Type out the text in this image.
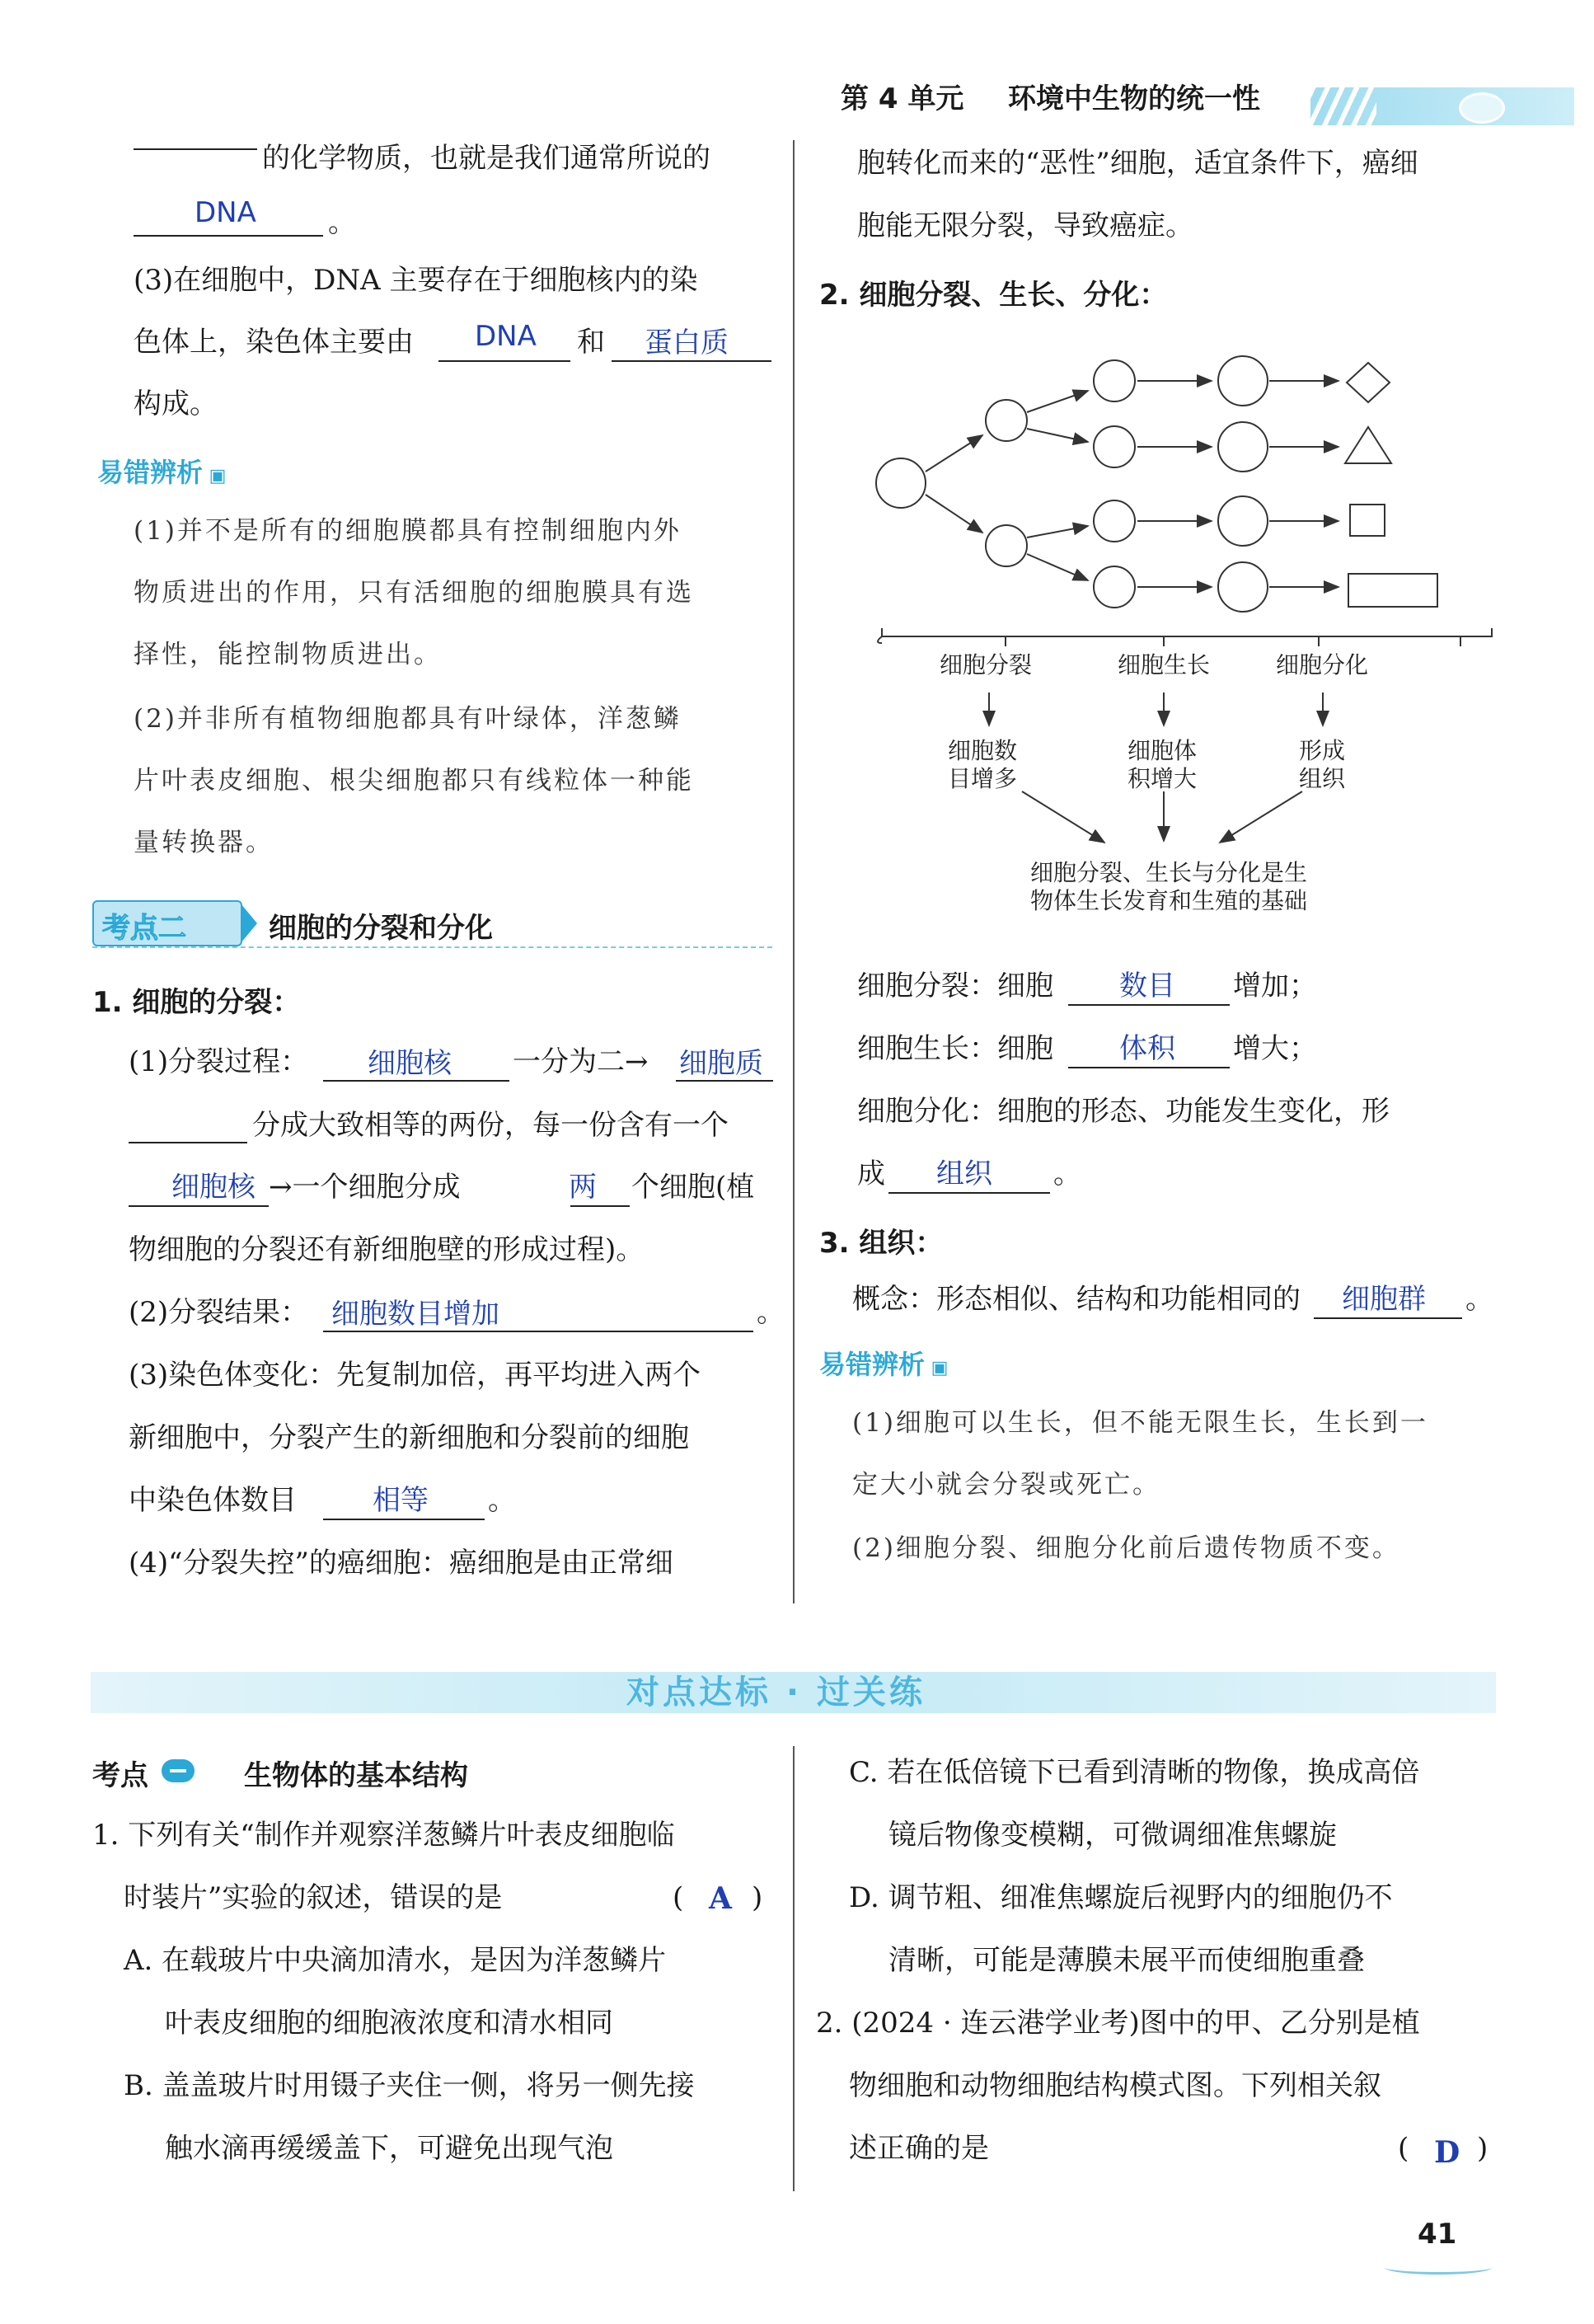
第 4 单元 环境中生物的统一性
的化学物质，也就是我们通常所说的
DNA	。
(3)在细胞中，DNA 主要存在于细胞核内的染
色体上，染色体主要由 DNA 和 蛋白质
构成。
易错辨析 ▣
(1)并不是所有的细胞膜都具有控制细胞内外
物质进出的作用，只有活细胞的细胞膜具有选
择性，能控制物质进出。
(2)并非所有植物细胞都具有叶绿体，洋葱鳞
片叶表皮细胞、根尖细胞都只有线粒体一种能
量转换器。
考点二	细胞的分裂和分化
1. 细胞的分裂：
(1)分裂过程： 细胞核 一分为二→ 细胞质
分成大致相等的两份，每一份含有一个
细胞核 →一个细胞分成	两 个细胞(植
物细胞的分裂还有新细胞壁的形成过程)。
(2)分裂结果： 细胞数目增加	。
(3)染色体变化：先复制加倍，再平均进入两个
新细胞中，分裂产生的新细胞和分裂前的细胞
中染色体数目	相等 。
(4)“分裂失控”的癌细胞：癌细胞是由正常细
胞转化而来的“恶性”细胞，适宜条件下，癌细
胞能无限分裂，导致癌症。
2. 细胞分裂、生长、分化：
细胞分裂	细胞生长	细胞分化
细胞数
目增多
细胞体
积增大
形成
组织
细胞分裂、生长与分化是生
物体生长发育和生殖的基础
细胞分裂：细胞 数目 增加；
细胞生长：细胞 体积 增大；
细胞分化：细胞的形态、功能发生变化，形
成 组织 。
3. 组织：
概念：形态相似、结构和功能相同的 细胞群 。
易错辨析 ▣
(1)细胞可以生长，但不能无限生长，生长到一
定大小就会分裂或死亡。
(2)细胞分裂、细胞分化前后遗传物质不变。
对点达标 · 过关练
考点	生物体的基本结构
1. 下列有关“制作并观察洋葱鳞片叶表皮细胞临
时装片”实验的叙述，错误的是	( A )
A. 在载玻片中央滴加清水，是因为洋葱鳞片
叶表皮细胞的细胞液浓度和清水相同
B. 盖盖玻片时用镊子夹住一侧，将另一侧先接
触水滴再缓缓盖下，可避免出现气泡
C. 若在低倍镜下已看到清晰的物像，换成高倍
镜后物像变模糊，可微调细准焦螺旋
D. 调节粗、细准焦螺旋后视野内的细胞仍不
清晰，可能是薄膜未展平而使细胞重叠
2. (2024 · 连云港学业考)图中的甲、乙分别是植
物细胞和动物细胞结构模式图。下列相关叙
述正确的是	( D )
41
